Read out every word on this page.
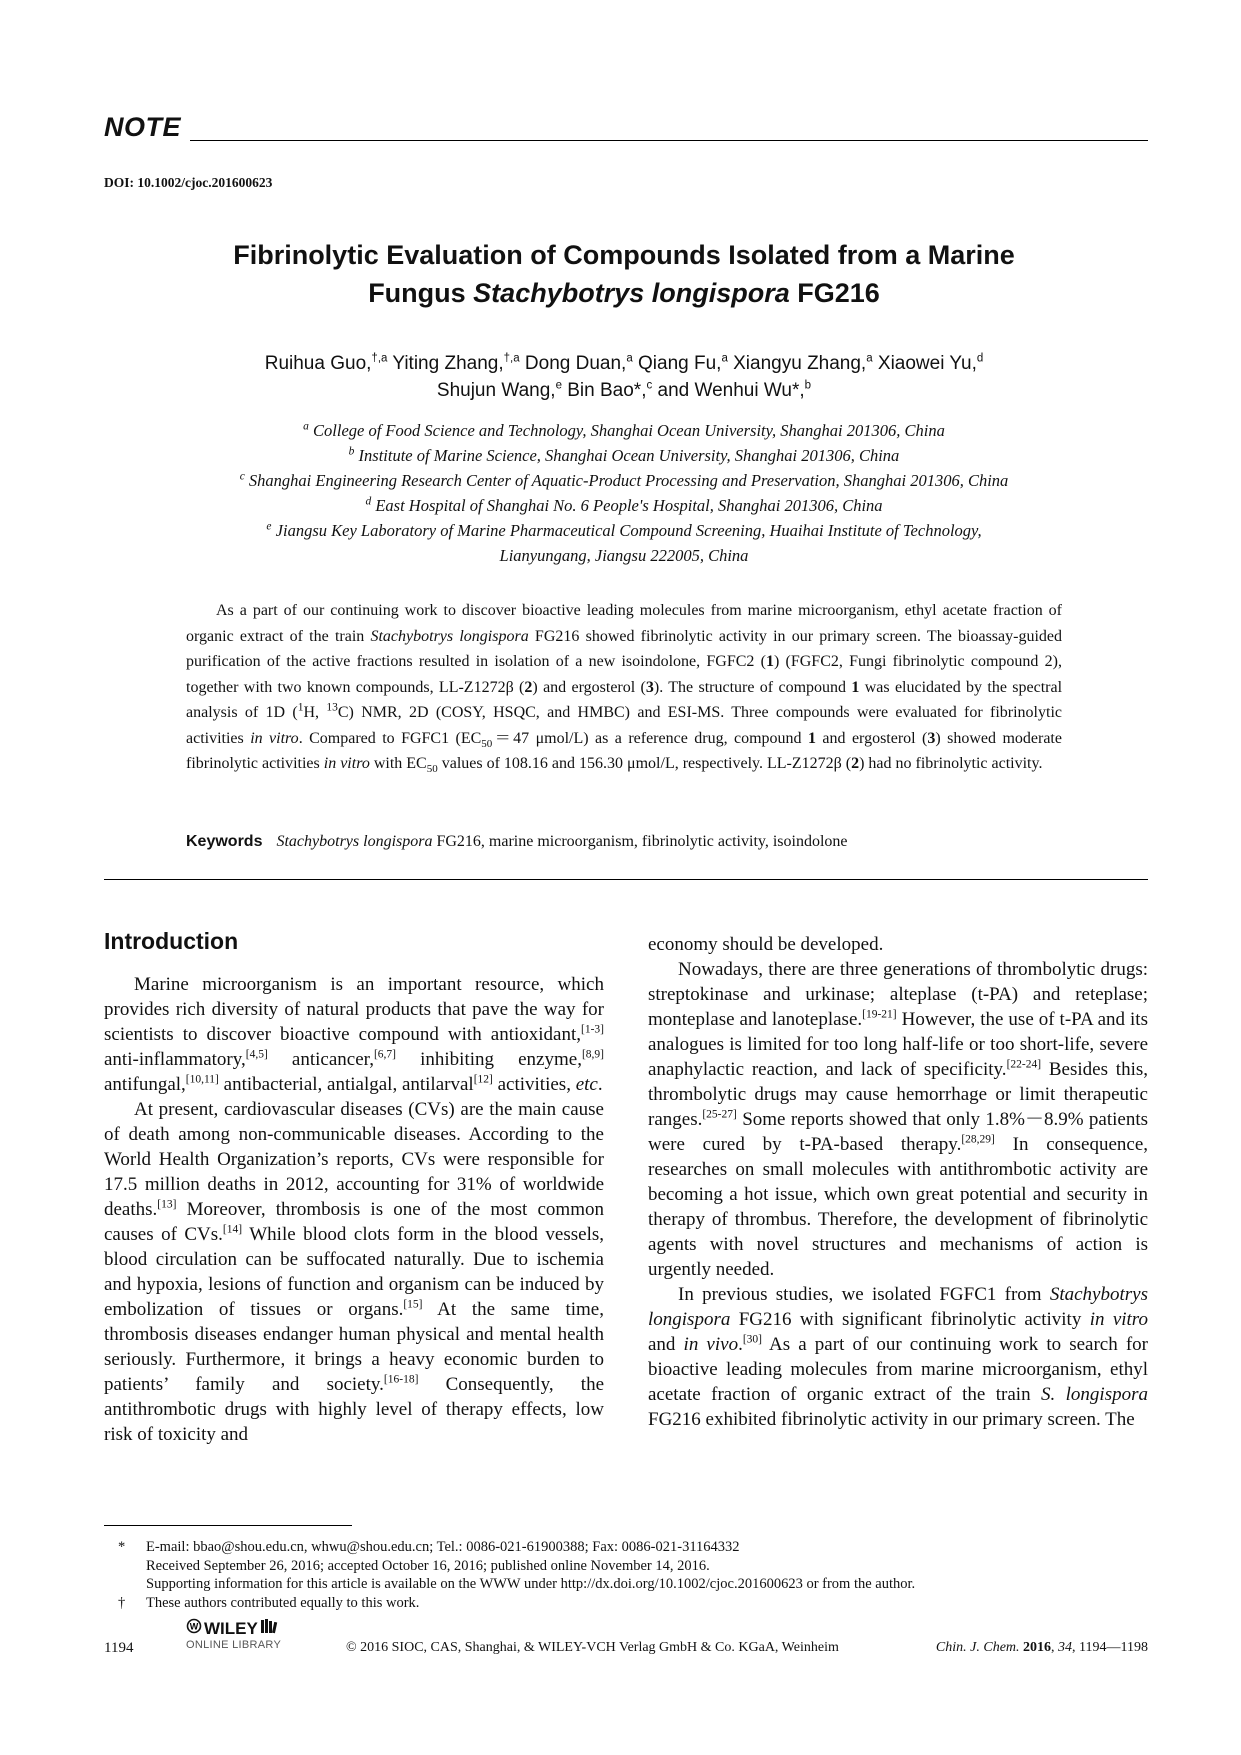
NOTE
DOI: 10.1002/cjoc.201600623
Fibrinolytic Evaluation of Compounds Isolated from a Marine
Fungus Stachybotrys longispora FG216
Ruihua Guo,$^{\dagger,a}$ Yiting Zhang,$^{\dagger,a}$ Dong Duan,$^a$ Qiang Fu,$^a$ Xiangyu Zhang,$^a$ Xiaowei Yu,$^d$
Shujun Wang,$^e$ Bin Bao*,$^c$ and Wenhui Wu*,$^b$
$^a$ College of Food Science and Technology, Shanghai Ocean University, Shanghai 201306, China
$^b$ Institute of Marine Science, Shanghai Ocean University, Shanghai 201306, China
$^c$ Shanghai Engineering Research Center of Aquatic-Product Processing and Preservation, Shanghai 201306, China
$^d$ East Hospital of Shanghai No. 6 People's Hospital, Shanghai 201306, China
$^e$ Jiangsu Key Laboratory of Marine Pharmaceutical Compound Screening, Huaihai Institute of Technology,
Lianyungang, Jiangsu 222005, China
As a part of our continuing work to discover bioactive leading molecules from marine microorganism, ethyl acetate fraction of organic extract of the train Stachybotrys longispora FG216 showed fibrinolytic activity in our primary screen. The bioassay-guided purification of the active fractions resulted in isolation of a new isoindolone, FGFC2 (1) (FGFC2, Fungi fibrinolytic compound 2), together with two known compounds, LL-Z1272β (2) and ergosterol (3). The structure of compound 1 was elucidated by the spectral analysis of 1D ($^1$H, $^{13}$C) NMR, 2D (COSY, HSQC, and HMBC) and ESI-MS. Three compounds were evaluated for fibrinolytic activities in vitro. Compared to FGFC1 ($EC_{50}=47$ μmol/L) as a reference drug, compound 1 and ergosterol (3) showed moderate fibrinolytic activities in vitro with $EC_{50}$ values of 108.16 and 156.30 μmol/L, respectively. LL-Z1272β (2) had no fibrinolytic activity.
Keywords Stachybotrys longispora FG216, marine microorganism, fibrinolytic activity, isoindolone
Introduction

Marine microorganism is an important resource, which provides rich diversity of natural products that pave the way for scientists to discover bioactive compound with antioxidant,[1-3] anti-inflammatory,[4,5] anticancer,[6,7] inhibiting enzyme,[8,9] antifungal,[10,11] antibacterial, antialgal, antilarval[12] activities, etc.

At present, cardiovascular diseases (CVs) are the main cause of death among non-communicable diseases. According to the World Health Organization’s reports, CVs were responsible for 17.5 million deaths in 2012, accounting for 31% of worldwide deaths.[13] Moreover, thrombosis is one of the most common causes of CVs.[14] While blood clots form in the blood vessels, blood circulation can be suffocated naturally. Due to ischemia and hypoxia, lesions of function and organism can be induced by embolization of tissues or organs.[15] At the same time, thrombosis diseases endanger human physical and mental health seriously. Furthermore, it brings a heavy economic burden to patients’ family and society.[16-18] Consequently, the antithrombotic drugs with highly level of therapy effects, low risk of toxicity and

economy should be developed.

Nowadays, there are three generations of thrombolytic drugs: streptokinase and urkinase; alteplase (t-PA) and reteplase; monteplase and lanoteplase.[19-21] However, the use of t-PA and its analogues is limited for too long half-life or too short-life, severe anaphylactic reaction, and lack of specificity.[22-24] Besides this, thrombolytic drugs may cause hemorrhage or limit therapeutic ranges.[25-27] Some reports showed that only 1.8%－8.9% patients were cured by t-PA-based therapy.[28,29] In consequence, researches on small molecules with antithrombotic activity are becoming a hot issue, which own great potential and security in therapy of thrombus. Therefore, the development of fibrinolytic agents with novel structures and mechanisms of action is urgently needed.

In previous studies, we isolated FGFC1 from Stachybotrys longispora FG216 with significant fibrinolytic activity in vitro and in vivo.[30] As a part of our continuing work to search for bioactive leading molecules from marine microorganism, ethyl acetate fraction of organic extract of the train S. longispora FG216 exhibited fibrinolytic activity in our primary screen. The

*	E-mail: bbao@shou.edu.cn, whwu@shou.edu.cn; Tel.: 0086-021-61900388; Fax: 0086-021-31164332
Received September 26, 2016; accepted October 16, 2016; published online November 14, 2016.
Supporting information for this article is available on the WWW under http://dx.doi.org/10.1002/cjoc.201600623 or from the author.
†	These authors contributed equally to this work.
1194
W WILEY
ONLINE LIBRARY	© 2016 SIOC, CAS, Shanghai, & WILEY-VCH Verlag GmbH & Co. KGaA, Weinheim	Chin. J. Chem. 2016, 34, 1194—1198
